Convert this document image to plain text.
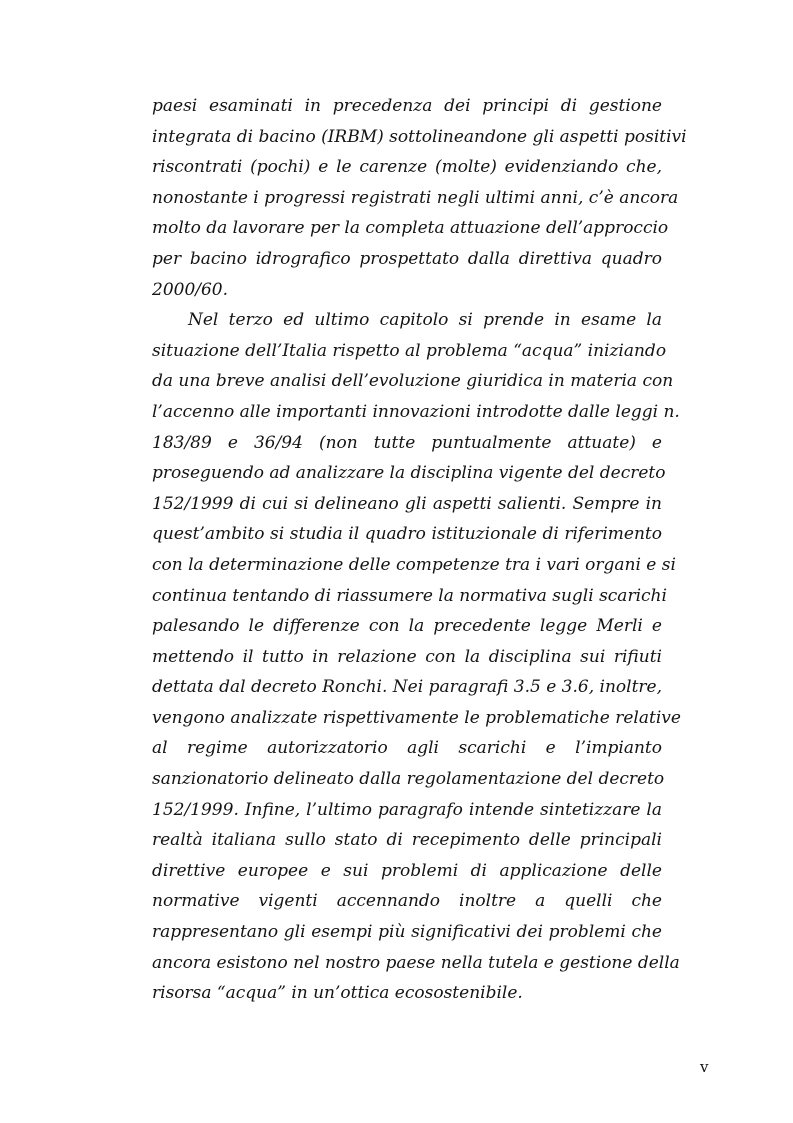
paesi esaminati in precedenza dei principi di gestione
integrata di bacino (IRBM) sottolineandone gli aspetti positivi
riscontrati (pochi) e le carenze (molte) evidenziando che,
nonostante i progressi registrati negli ultimi anni, c’è ancora
molto da lavorare per la completa attuazione dell’approccio
per bacino idrografico prospettato dalla direttiva quadro
2000/60.

Nel terzo ed ultimo capitolo si prende in esame la
situazione dell’Italia rispetto al problema “acqua” iniziando
da una breve analisi dell’evoluzione giuridica in materia con
l’accenno alle importanti innovazioni introdotte dalle leggi n.
183/89 e 36/94 (non tutte puntualmente attuate) e
proseguendo ad analizzare la disciplina vigente del decreto
152/1999 di cui si delineano gli aspetti salienti. Sempre in
quest’ambito si studia il quadro istituzionale di riferimento
con la determinazione delle competenze tra i vari organi e si
continua tentando di riassumere la normativa sugli scarichi
palesando le differenze con la precedente legge Merli e
mettendo il tutto in relazione con la disciplina sui rifiuti
dettata dal decreto Ronchi. Nei paragrafi 3.5 e 3.6, inoltre,
vengono analizzate rispettivamente le problematiche relative
al regime autorizzatorio agli scarichi e l’impianto
sanzionatorio delineato dalla regolamentazione del decreto
152/1999. Infine, l’ultimo paragrafo intende sintetizzare la
realtà italiana sullo stato di recepimento delle principali
direttive europee e sui problemi di applicazione delle
normative vigenti accennando inoltre a quelli che
rappresentano gli esempi più significativi dei problemi che
ancora esistono nel nostro paese nella tutela e gestione della
risorsa “acqua” in un’ottica ecosostenibile.

v
